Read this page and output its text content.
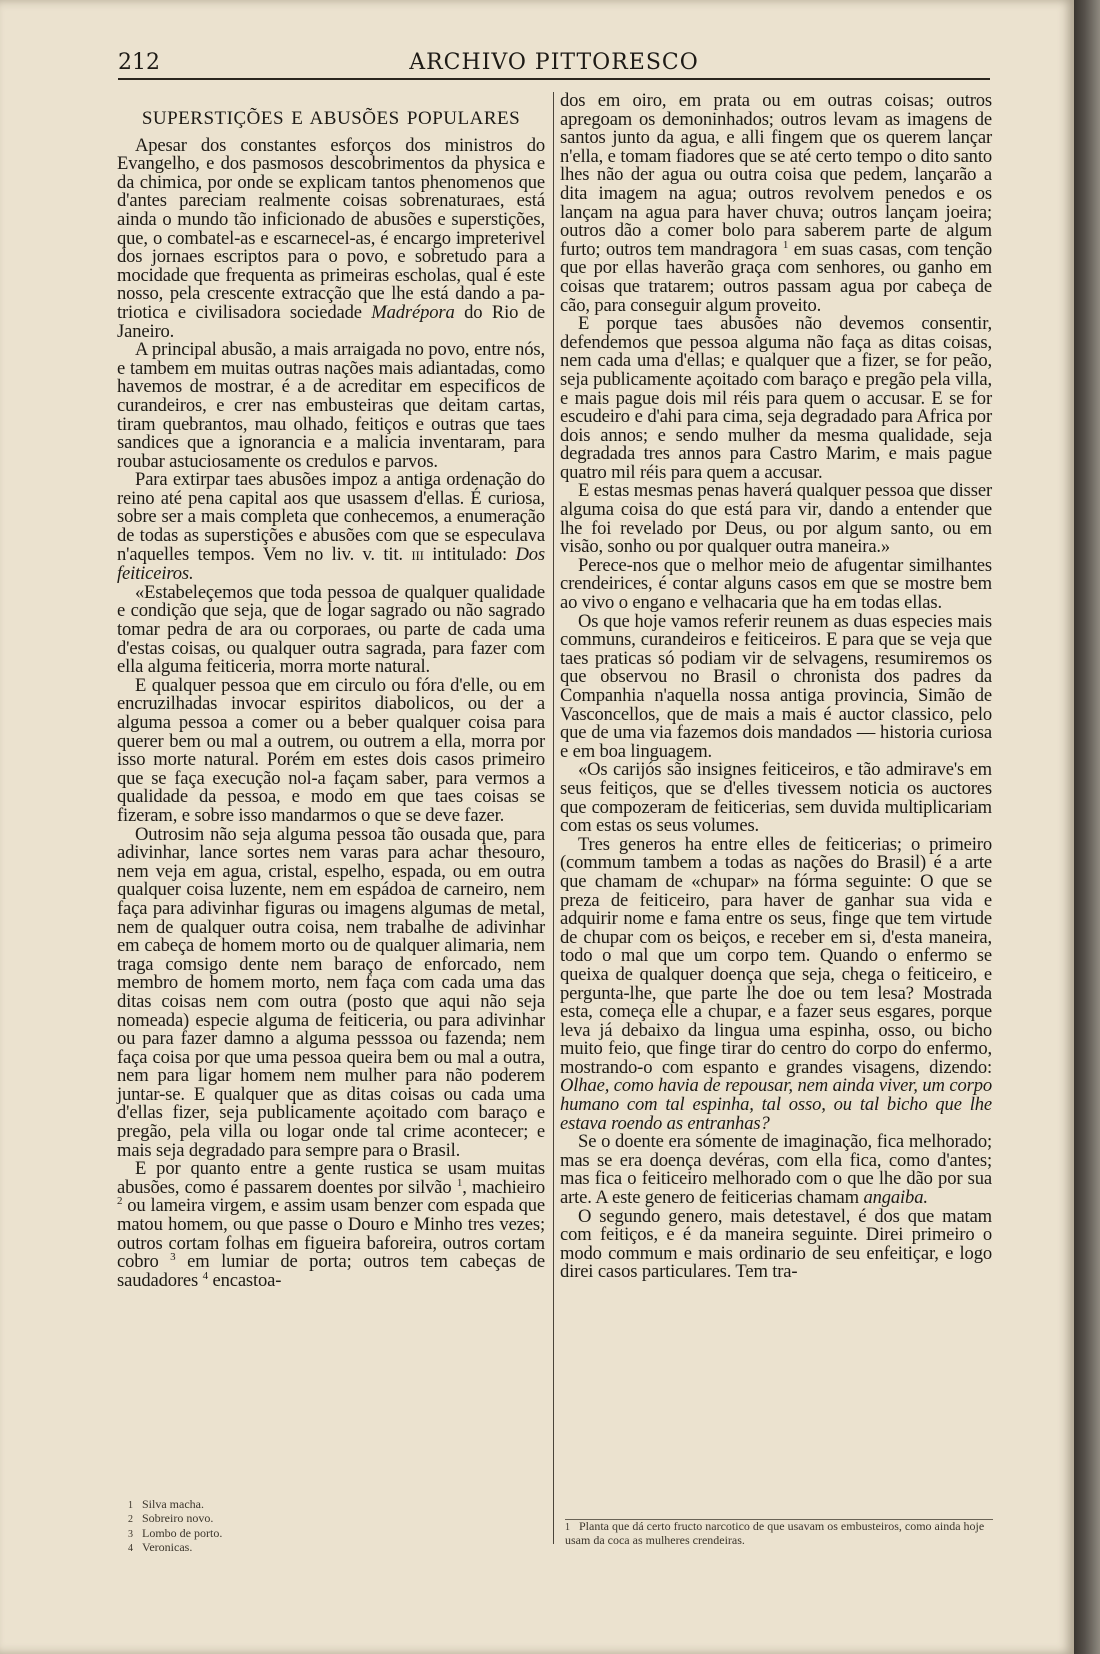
212	ARCHIVO PITTORESCO
SUPERSTIÇÕES E ABUSÕES POPULARES

Apesar dos constantes esforços dos ministros do Evangelho, e dos pasmosos descobrimentos da physica e da chimica, por onde se explicam tantos phenomenos que d'antes pareciam realmente coisas sobrenaturaes, está ainda o mundo tão inficionado de abusões e superstições, que, o combatel-as e escarnecel-as, é encargo impreterivel dos jornaes escriptos para o povo, e sobretudo para a mocidade que frequenta as primeiras escholas, qual é este nosso, pela crescente extracção que lhe está dando a patriotica e civilisadora sociedade Madrépora do Rio de Janeiro.

A principal abusão, a mais arraigada no povo, entre nós, e tambem em muitas outras nações mais adiantadas, como havemos de mostrar, é a de acreditar em especificos de curandeiros, e crer nas embusteiras que deitam cartas, tiram quebrantos, mau olhado, feitiços e outras que taes sandices que a ignorancia e a malicia inventaram, para roubar astuciosamente os credulos e parvos.

Para extirpar taes abusões impoz a antiga ordenação do reino até pena capital aos que usassem d'ellas. É curiosa, sobre ser a mais completa que conhecemos, a enumeração de todas as superstições e abusões com que se especulava n'aquelles tempos. Vem no liv. v. tit. III intitulado: Dos feiticeiros.

«Estabeleçemos que toda pessoa de qualquer qualidade e condição que seja, que de logar sagrado ou não sagrado tomar pedra de ara ou corporaes, ou parte de cada uma d'estas coisas, ou qualquer outra sagrada, para fazer com ella alguma feiticeria, morra morte natural.

E qualquer pessoa que em circulo ou fóra d'elle, ou em encruzilhadas invocar espiritos diabolicos, ou der a alguma pessoa a comer ou a beber qualquer coisa para querer bem ou mal a outrem, ou outrem a ella, morra por isso morte natural. Porém em estes dois casos primeiro que se faça execução nol-a façam saber, para vermos a qualidade da pessoa, e modo em que taes coisas se fizeram, e sobre isso mandarmos o que se deve fazer.

Outrosim não seja alguma pessoa tão ousada que, para adivinhar, lance sortes nem varas para achar thesouro, nem veja em agua, cristal, espelho, espada, ou em outra qualquer coisa luzente, nem em espádoa de carneiro, nem faça para adivinhar figuras ou imagens algumas de metal, nem de qualquer outra coisa, nem trabalhe de adivinhar em cabeça de homem morto ou de qualquer alimaria, nem traga comsigo dente nem baraço de enforcado, nem membro de homem morto, nem faça com cada uma das ditas coisas nem com outra (posto que aqui não seja nomeada) especie alguma de feiticeria, ou para adivinhar ou para fazer damno a alguma pesssoa ou fazenda; nem faça coisa por que uma pessoa queira bem ou mal a outra, nem para ligar homem nem mulher para não poderem juntar-se. E qualquer que as ditas coisas ou cada uma d'ellas fizer, seja publicamente açoitado com baraço e pregão, pela villa ou logar onde tal crime acontecer; e mais seja degradado para sempre para o Brasil.

E por quanto entre a gente rustica se usam muitas abusões, como é passarem doentes por silvão $^1$, machieiro $^2$ ou lameira virgem, e assim usam benzer com espada que matou homem, ou que passe o Douro e Minho tres vezes; outros cortam folhas em figueira baforeira, outros cortam cobro $^3$ em lumiar de porta; outros tem cabeças de saudadores $^4$ encastoa-

dos em oiro, em prata ou em outras coisas; outros apregoam os demoninhados; outros levam as imagens de santos junto da agua, e alli fingem que os querem lançar n'ella, e tomam fiadores que se até certo tempo o dito santo lhes não der agua ou outra coisa que pedem, lançarão a dita imagem na agua; outros revolvem penedos e os lançam na agua para haver chuva; outros lançam joeira; outros dão a comer bolo para saberem parte de algum furto; outros tem mandragora $^1$ em suas casas, com tenção que por ellas haverão graça com senhores, ou ganho em coisas que tratarem; outros passam agua por cabeça de cão, para conseguir algum proveito.

E porque taes abusões não devemos consentir, defendemos que pessoa alguma não faça as ditas coisas, nem cada uma d'ellas; e qualquer que a fizer, se for peão, seja publicamente açoitado com baraço e pregão pela villa, e mais pague dois mil réis para quem o accusar. E se for escudeiro e d'ahi para cima, seja degradado para Africa por dois annos; e sendo mulher da mesma qualidade, seja degradada tres annos para Castro Marim, e mais pague quatro mil réis para quem a accusar.

E estas mesmas penas haverá qualquer pessoa que disser alguma coisa do que está para vir, dando a entender que lhe foi revelado por Deus, ou por algum santo, ou em visão, sonho ou por qualquer outra maneira.»

Perece-nos que o melhor meio de afugentar similhantes crendeirices, é contar alguns casos em que se mostre bem ao vivo o engano e velhacaria que ha em todas ellas.

Os que hoje vamos referir reunem as duas especies mais communs, curandeiros e feiticeiros. E para que se veja que taes praticas só podiam vir de selvagens, resumiremos os que observou no Brasil o chronista dos padres da Companhia n'aquella nossa antiga provincia, Simão de Vasconcellos, que de mais a mais é auctor classico, pelo que de uma via fazemos dois mandados — historia curiosa e em boa linguagem.

«Os carijós são insignes feiticeiros, e tão admirave's em seus feitiços, que se d'elles tivessem noticia os auctores que compozeram de feiticerias, sem duvida multiplicariam com estas os seus volumes.

Tres generos ha entre elles de feiticerias; o primeiro (commum tambem a todas as nações do Brasil) é a arte que chamam de «chupar» na fórma seguinte: O que se preza de feiticeiro, para haver de ganhar sua vida e adquirir nome e fama entre os seus, finge que tem virtude de chupar com os beiços, e receber em si, d'esta maneira, todo o mal que um corpo tem. Quando o enfermo se queixa de qualquer doença que seja, chega o feiticeiro, e pergunta-lhe, que parte lhe doe ou tem lesa? Mostrada esta, começa elle a chupar, e a fazer seus esgares, porque leva já debaixo da lingua uma espinha, osso, ou bicho muito feio, que finge tirar do centro do corpo do enfermo, mostrando-o com espanto e grandes visagens, dizendo: Olhae, como havia de repousar, nem ainda viver, um corpo humano com tal espinha, tal osso, ou tal bicho que lhe estava roendo as entranhas?

Se o doente era sómente de imaginação, fica melhorado; mas se era doença devéras, com ella fica, como d'antes; mas fica o feiticeiro melhorado com o que lhe dão por sua arte. A este genero de feiticerias chamam angaiba.

O segundo genero, mais detestavel, é dos que matam com feitiços, e é da maneira seguinte. Direi primeiro o modo commum e mais ordinario de seu enfeitiçar, e logo direi casos particulares. Tem tra-

1 Silva macha.
2 Sobreiro novo.
3 Lombo de porto.
4 Veronicas.
1 Planta que dá certo fructo narcotico de que usavam os embusteiros, como ainda hoje usam da coca as mulheres crendeiras.
